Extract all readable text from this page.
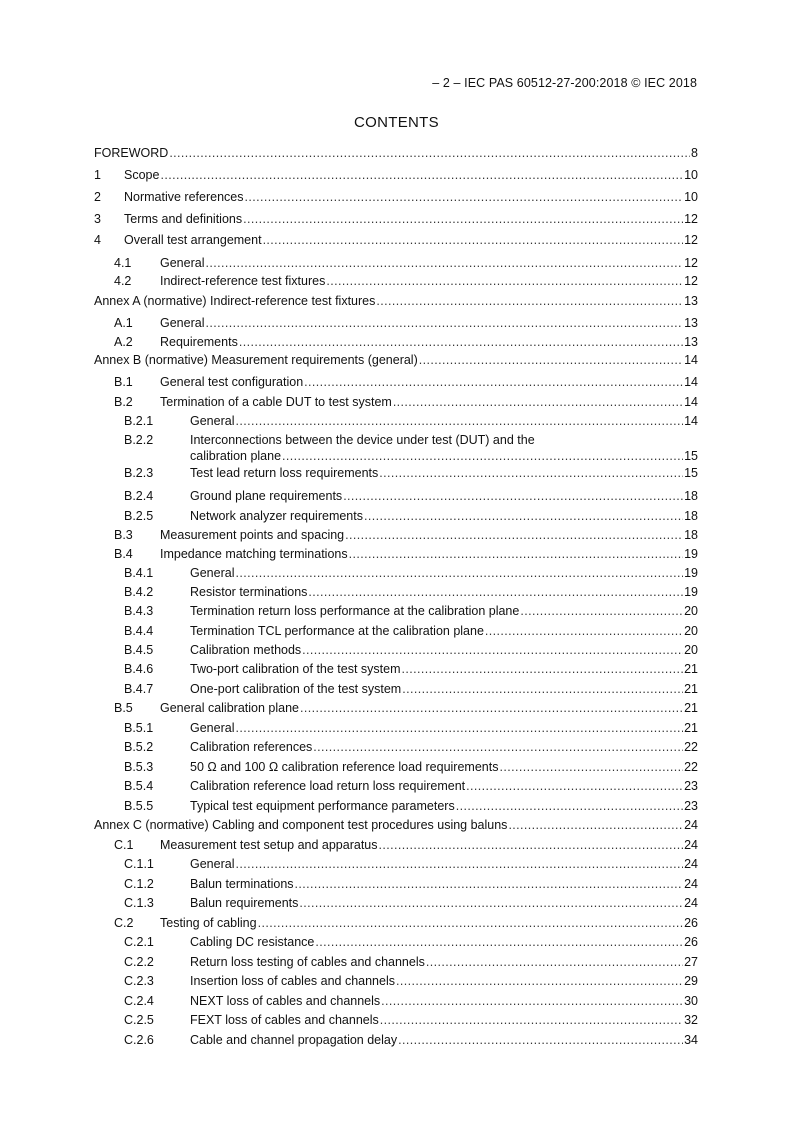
– 2 – IEC PAS 60512-27-200:2018 © IEC 2018
CONTENTS
FOREWORD .....	8
1	Scope .....	10
2	Normative references .....	10
3	Terms and definitions .....	12
4	Overall test arrangement .....	12
4.1	General .....	12
4.2	Indirect-reference test fixtures .....	12
Annex A (normative) Indirect-reference test fixtures .....	13
A.1	General .....	13
A.2	Requirements .....	13
Annex B (normative) Measurement requirements (general) .....	14
B.1	General test configuration .....	14
B.2	Termination of a cable DUT to test system .....	14
B.2.1	General .....	14
B.2.2	Interconnections between the device under test (DUT) and the
calibration plane .....	15
B.2.3	Test lead return loss requirements .....	15
B.2.4	Ground plane requirements .....	18
B.2.5	Network analyzer requirements .....	18
B.3	Measurement points and spacing .....	18
B.4	Impedance matching terminations .....	19
B.4.1	General .....	19
B.4.2	Resistor terminations .....	19
B.4.3	Termination return loss performance at the calibration plane .....	20
B.4.4	Termination TCL performance at the calibration plane .....	20
B.4.5	Calibration methods .....	20
B.4.6	Two-port calibration of the test system .....	21
B.4.7	One-port calibration of the test system .....	21
B.5	General calibration plane .....	21
B.5.1	General .....	21
B.5.2	Calibration references .....	22
B.5.3	50 Ω and 100 Ω calibration reference load requirements .....	22
B.5.4	Calibration reference load return loss requirement .....	23
B.5.5	Typical test equipment performance parameters .....	23
Annex C (normative) Cabling and component test procedures using baluns .....	24
C.1	Measurement test setup and apparatus .....	24
C.1.1	General .....	24
C.1.2	Balun terminations .....	24
C.1.3	Balun requirements .....	24
C.2	Testing of cabling .....	26
C.2.1	Cabling DC resistance .....	26
C.2.2	Return loss testing of cables and channels .....	27
C.2.3	Insertion loss of cables and channels .....	29
C.2.4	NEXT loss of cables and channels .....	30
C.2.5	FEXT loss of cables and channels .....	32
C.2.6	Cable and channel propagation delay .....	34
